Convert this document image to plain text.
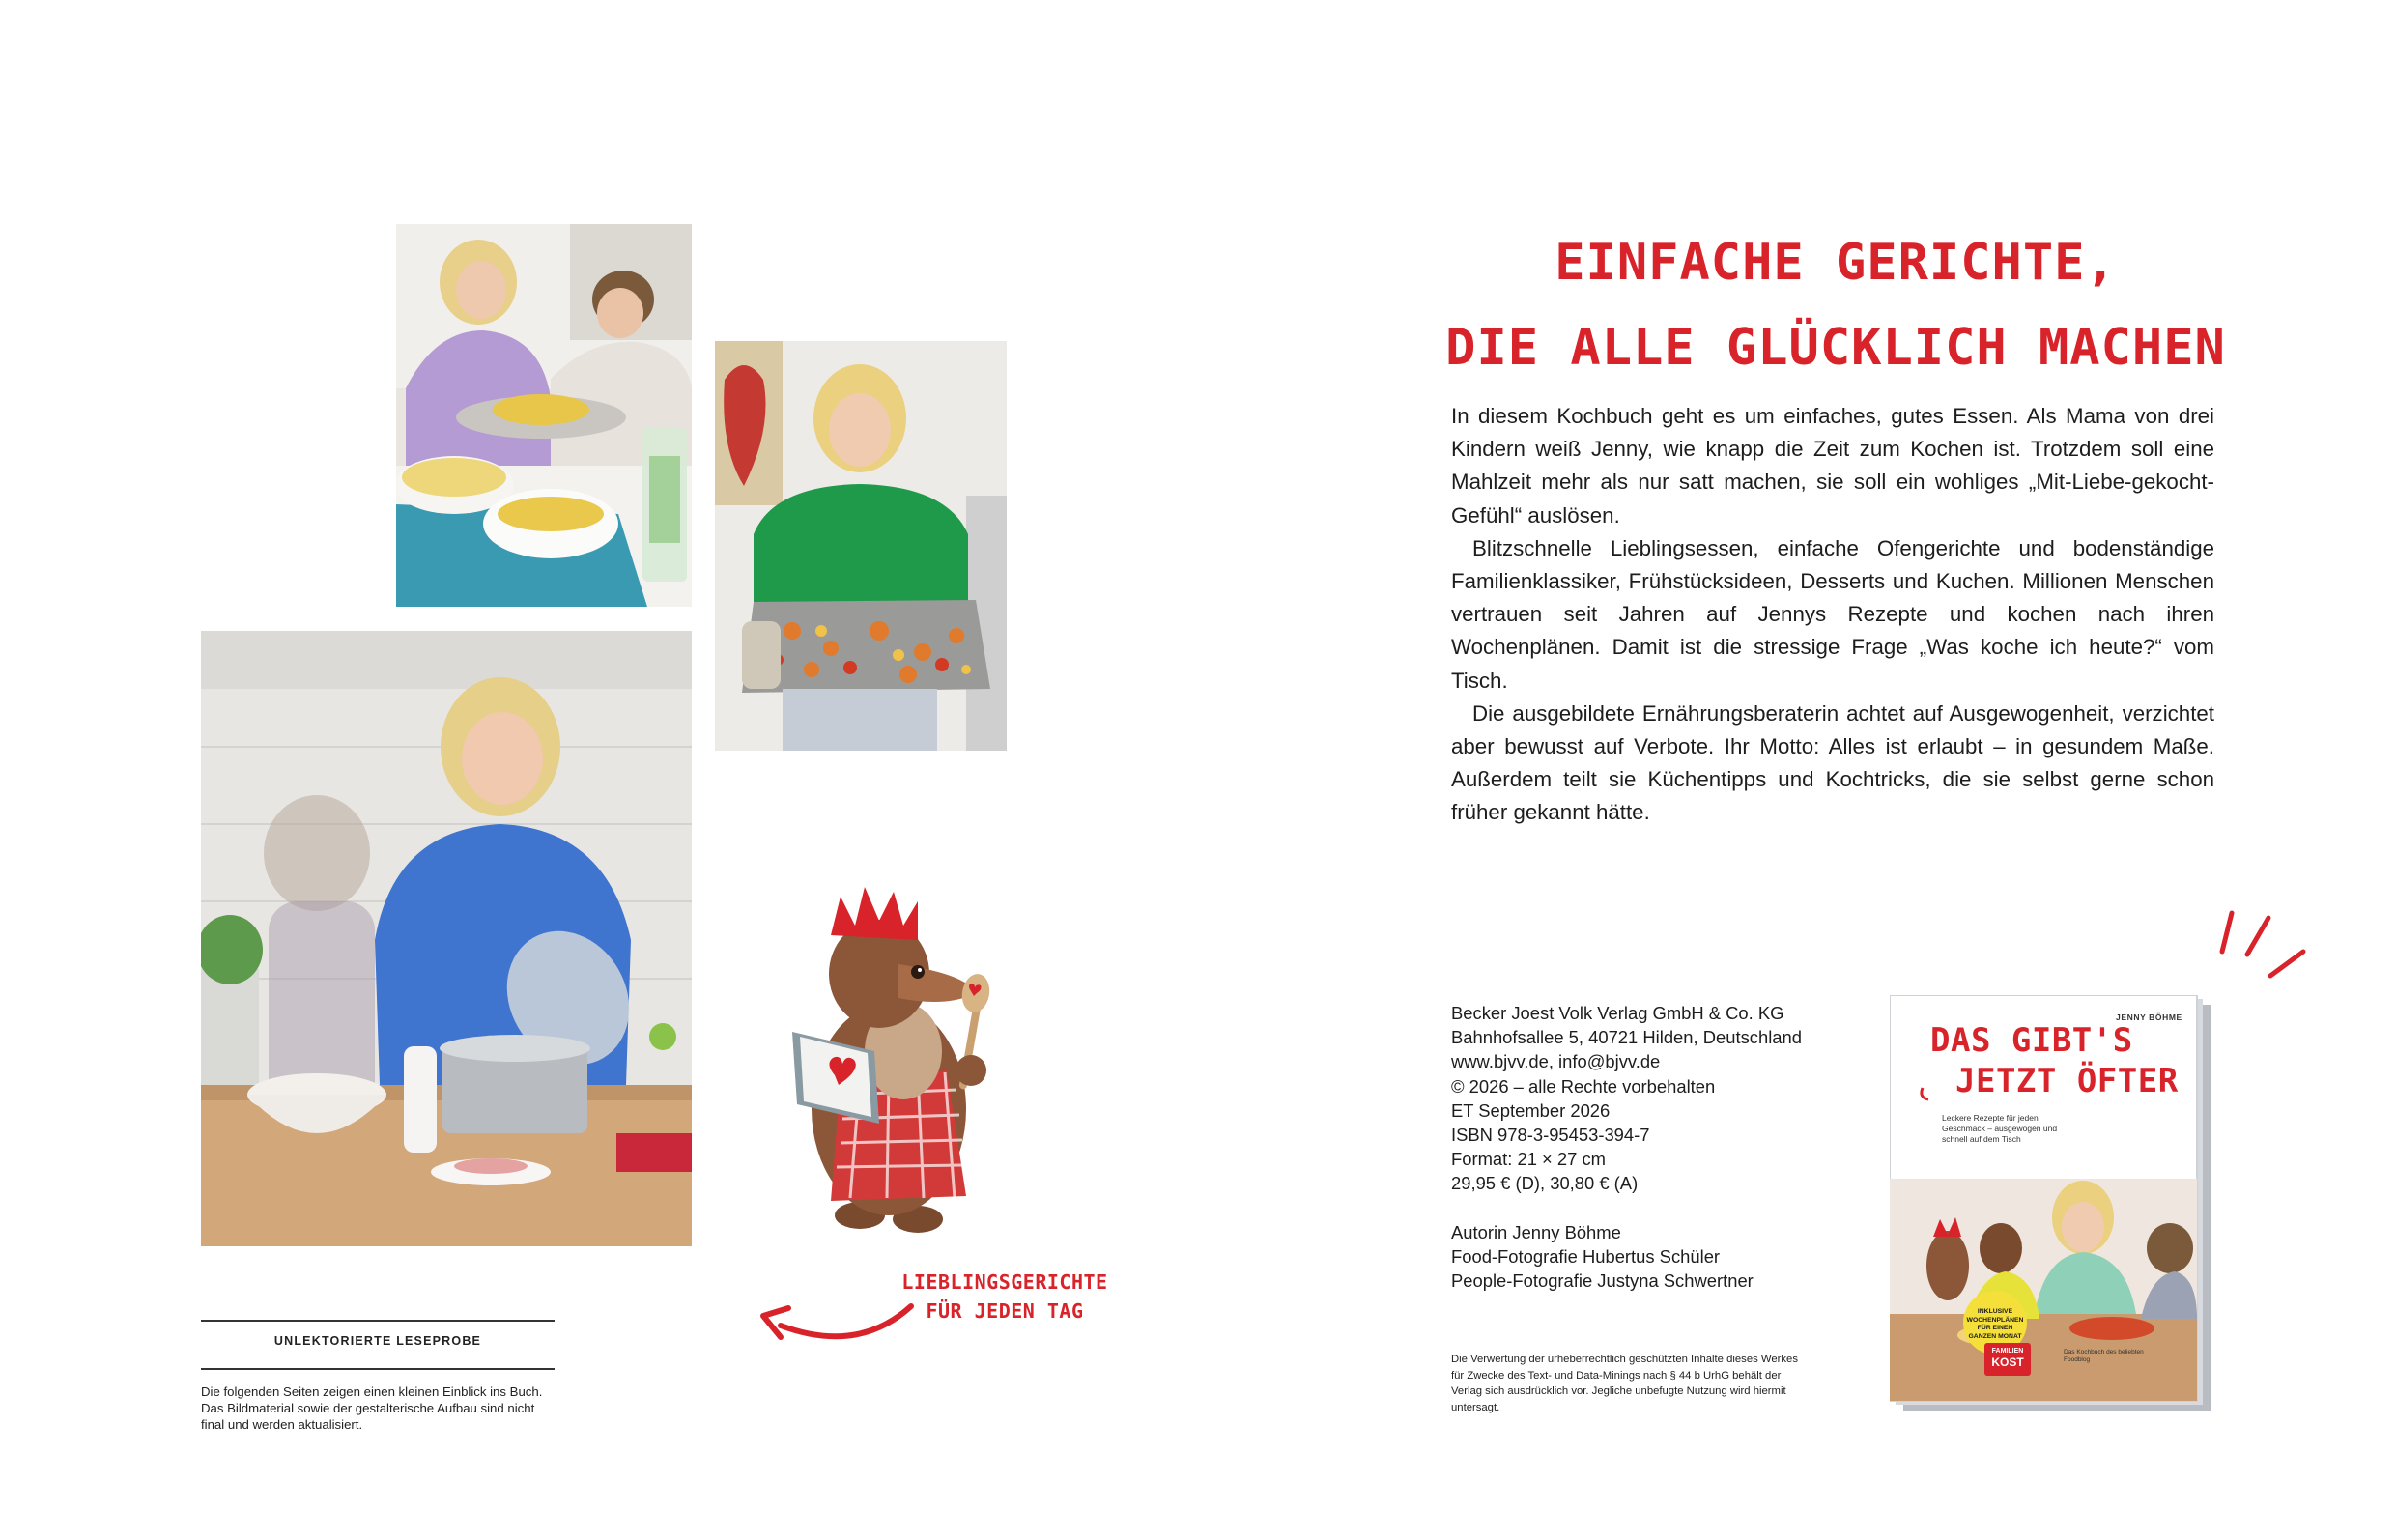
UNLEKTORIERTE LESEPROBE
Die folgenden Seiten zeigen einen kleinen Einblick ins Buch. Das Bildmaterial sowie der gestalterische Aufbau sind nicht final und werden aktualisiert.
LIEBLINGSGERICHTE
FÜR JEDEN TAG
EINFACHE GERICHTE,
DIE ALLE GLÜCKLICH MACHEN

In diesem Kochbuch geht es um einfaches, gutes Essen. Als Mama von drei Kindern weiß Jenny, wie knapp die Zeit zum Kochen ist. Trotzdem soll eine Mahlzeit mehr als nur satt machen, sie soll ein wohliges „Mit-Liebe-gekocht-Gefühl“ auslösen.

Blitzschnelle Lieblingsessen, einfache Ofengerichte und bodenständige Familienklassiker, Frühstücksideen, Desserts und Kuchen. Millionen Menschen vertrauen seit Jahren auf Jennys Rezepte und kochen nach ihren Wochenplänen. Damit ist die stressige Frage „Was koche ich heute?“ vom Tisch.

Die ausgebildete Ernährungsberaterin achtet auf Ausgewogenheit, verzichtet aber bewusst auf Verbote. Ihr Motto: Alles ist erlaubt – in gesundem Maße. Außerdem teilt sie Küchentipps und Kochtricks, die sie selbst gerne schon früher gekannt hätte.

Becker Joest Volk Verlag GmbH & Co. KG
Bahnhofsallee 5, 40721 Hilden, Deutschland
www.bjvv.de, info@bjvv.de
© 2026 – alle Rechte vorbehalten
ET September 2026
ISBN 978-3-95453-394-7
Format: 21 × 27 cm
29,95 € (D), 30,80 € (A)
Autorin Jenny Böhme
Food-Fotografie Hubertus Schüler
People-Fotografie Justyna Schwertner
Die Verwertung der urheberrechtlich geschützten Inhalte dieses Werkes für Zwecke des Text- und Data-Minings nach § 44 b UrhG behält der Verlag sich ausdrücklich vor. Jegliche unbefugte Nutzung wird hiermit untersagt.
JENNY BÖHME
DAS GIBT'S
JETZT ÖFTER
Leckere Rezepte für jeden Geschmack – ausgewogen und schnell auf dem Tisch
INKLUSIVE WOCHENPLÄNEN FÜR EINEN GANZEN MONAT
FAMILIEN
KOST
Das Kochbuch des beliebten Foodblog
